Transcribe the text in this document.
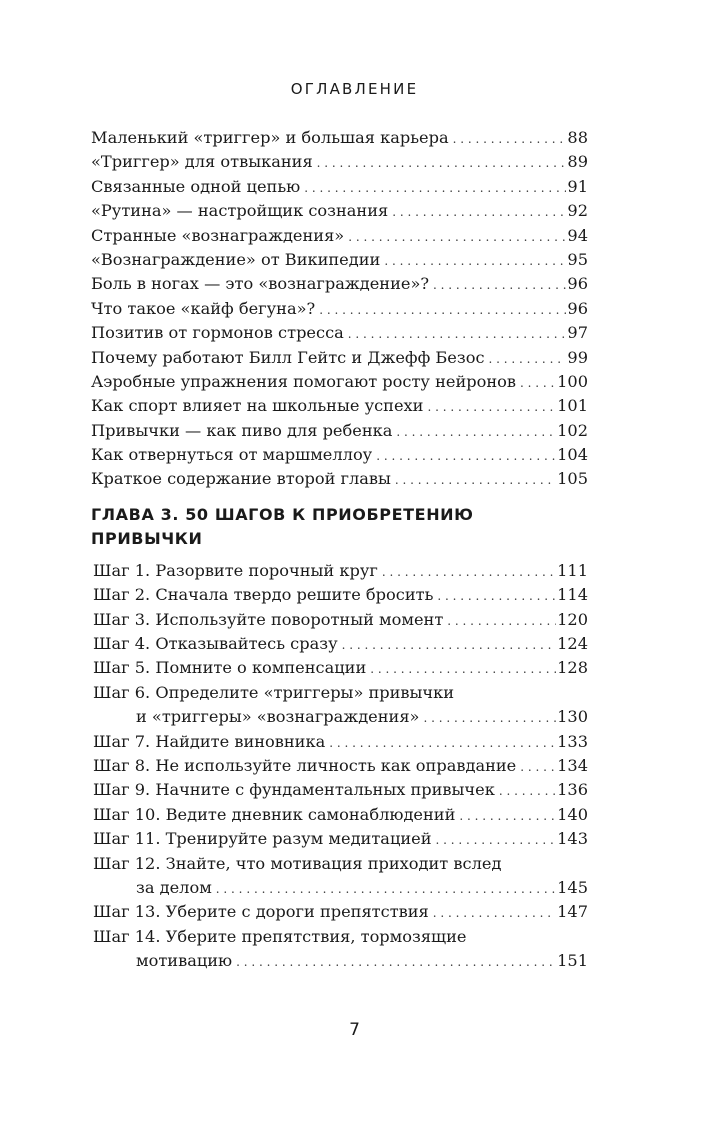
ОГЛАВЛЕНИЕ
Маленький «триггер» и большая карьера . . .	88
«Триггер» для отвыкания . . .	89
Связанные одной цепью . . .	91
«Рутина» — настройщик сознания . . .	92
Странные «вознаграждения» . . .	94
«Вознаграждение» от Википедии . . .	95
Боль в ногах — это «вознаграждение»? . . .	96
Что такое «кайф бегуна»? . . .	96
Позитив от гормонов стресса . . .	97
Почему работают Билл Гейтс и Джефф Безос . . .	99
Аэробные упражнения помогают росту нейронов . . .	100
Как спорт влияет на школьные успехи . . .	101
Привычки — как пиво для ребенка . . .	102
Как отвернуться от маршмеллоу . . .	104
Краткое содержание второй главы . . .	105
ГЛАВА 3. 50 ШАГОВ К ПРИОБРЕТЕНИЮ ПРИВЫЧКИ
Шаг 1. Разорвите порочный круг . . .	111
Шаг 2. Сначала твердо решите бросить . . .	114
Шаг 3. Используйте поворотный момент . . .	120
Шаг 4. Отказывайтесь сразу . . .	124
Шаг 5. Помните о компенсации . . .	128
Шаг 6. Определите «триггеры» привычки
и «триггеры» «вознаграждения» . . .	130
Шаг 7. Найдите виновника . . .	133
Шаг 8. Не используйте личность как оправдание . . .	134
Шаг 9. Начните с фундаментальных привычек . . .	136
Шаг 10. Ведите дневник самонаблюдений . . .	140
Шаг 11. Тренируйте разум медитацией . . .	143
Шаг 12. Знайте, что мотивация приходит вслед
за делом . . .	145
Шаг 13. Уберите с дороги препятствия . . .	147
Шаг 14. Уберите препятствия, тормозящие
мотивацию . . .	151
7
